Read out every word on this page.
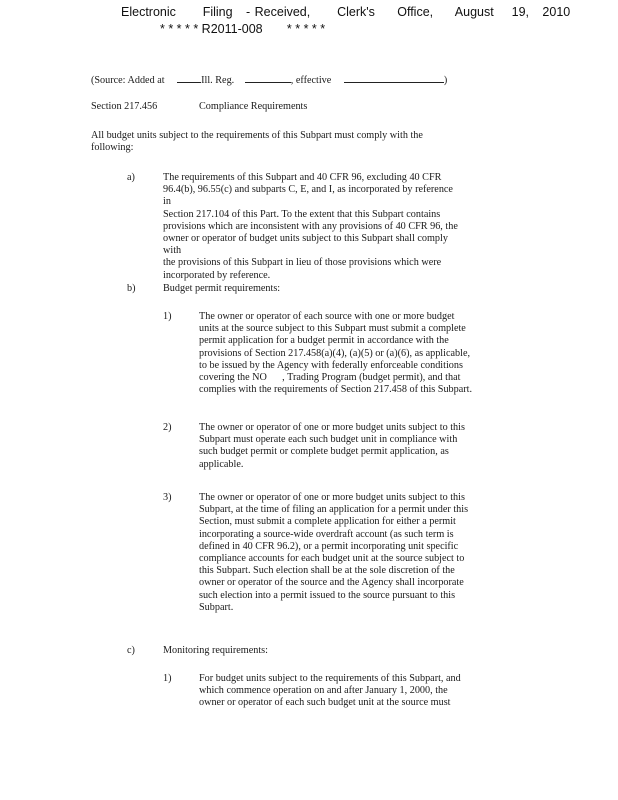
Electronic      Filing   - Received,      Clerk's     Office,     August    19,   2010
* * * * * R2011-008       * * * * *
(Source: Added at	Ill. Reg.	, effective	)
Section 217.456	Compliance Requirements

All budget units subject to the requirements of this Subpart must comply with the

following:

a)	The requirements of this Subpart and 40 CFR 96, excluding 40 CFR

96.4(b), 96.55(c) and subparts C, E, and I, as incorporated by reference in

Section 217.104 of this Part. To the extent that this Subpart contains

provisions which are inconsistent with any provisions of 40 CFR 96, the

owner or operator of budget units subject to this Subpart shall comply with

the provisions of this Subpart in lieu of those provisions which were

incorporated by reference.

b)	Budget permit requirements:
1)	The owner or operator of each source with one or more budget

units at the source subject to this Subpart must submit a complete

permit application for a budget permit in accordance with the

provisions of Section 217.458(a)(4), (a)(5) or (a)(6), as applicable,

to be issued by the Agency with federally enforceable conditions

covering the NO      , Trading Program (budget permit), and that

complies with the requirements of Section 217.458 of this Subpart.

2)	The owner or operator of one or more budget units subject to this

Subpart must operate each such budget unit in compliance with

such budget permit or complete budget permit application, as

applicable.

3)	The owner or operator of one or more budget units subject to this

Subpart, at the time of filing an application for a permit under this

Section, must submit a complete application for either a permit

incorporating a source-wide overdraft account (as such term is

defined in 40 CFR 96.2), or a permit incorporating unit specific

compliance accounts for each budget unit at the source subject to

this Subpart. Such election shall be at the sole discretion of the

owner or operator of the source and the Agency shall incorporate

such election into a permit issued to the source pursuant to this

Subpart.

c)	Monitoring requirements:
1)	For budget units subject to the requirements of this Subpart, and

which commence operation on and after January 1, 2000, the

owner or operator of each such budget unit at the source must
